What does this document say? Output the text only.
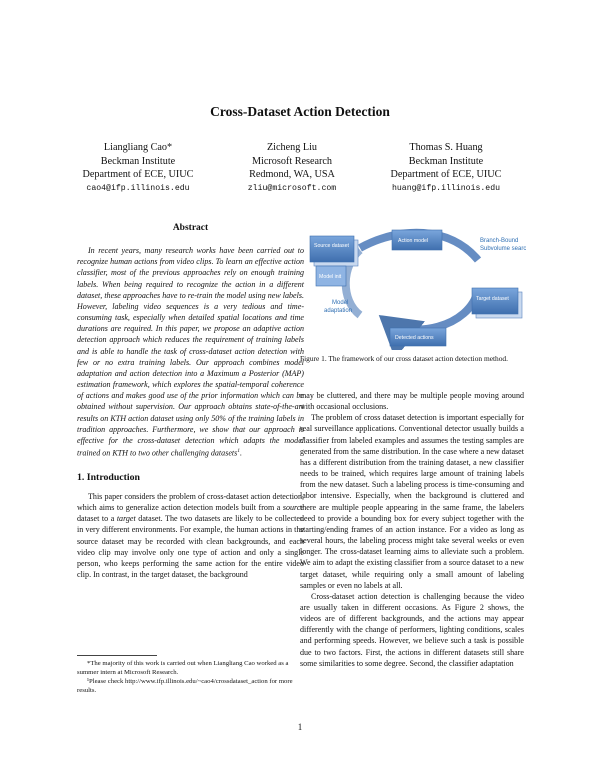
Cross-Dataset Action Detection
Liangliang Cao*
Beckman Institute
Department of ECE, UIUC
cao4@ifp.illinois.edu
Zicheng Liu
Microsoft Research
Redmond, WA, USA
zliu@microsoft.com
Thomas S. Huang
Beckman Institute
Department of ECE, UIUC
huang@ifp.illinois.edu
Abstract

In recent years, many research works have been carried out to recognize human actions from video clips. To learn an effective action classifier, most of the previous approaches rely on enough training labels. When being required to recognize the action in a different dataset, these approaches have to re-train the model using new labels. However, labeling video sequences is a very tedious and time-consuming task, especially when detailed spatial locations and time durations are required. In this paper, we propose an adaptive action detection approach which reduces the requirement of training labels and is able to handle the task of cross-dataset action detection with few or no extra training labels. Our approach combines model adaptation and action detection into a Maximum a Posterior (MAP) estimation framework, which explores the spatial-temporal coherence of actions and makes good use of the prior information which can be obtained without supervision. Our approach obtains state-of-the-art results on KTH action dataset using only 50% of the training labels in tradition approaches. Furthermore, we show that our approach is effective for the cross-dataset detection which adapts the model trained on KTH to two other challenging datasets$^1$.

1. Introduction

This paper considers the problem of cross-dataset action detection, which aims to generalize action detection models built from a source dataset to a target dataset. The two datasets are likely to be collected in very different environments. For example, the human actions in the source dataset may be recorded with clean backgrounds, and each video clip may involve only one type of action and only a single person, who keeps performing the same action for the entire video clip. In contrast, in the target dataset, the background

*The majority of this work is carried out when Liangliang Cao worked as a summer intern at Microsoft Research.

¹Please check http://www.ifp.illinois.edu/~cao4/crossdataset_action for more results.

Source dataset
Action model
Model init
Target dataset
Detected actions
Branch-Bound
Subvolume search
Model
adaptation
Figure 1. The framework of our cross dataset action detection method.

may be cluttered, and there may be multiple people moving around with occasional occlusions.

The problem of cross dataset detection is important especially for real surveillance applications. Conventional detector usually builds a classifier from labeled examples and assumes the testing samples are generated from the same distribution. In the case where a new dataset has a different distribution from the training dataset, a new classifier needs to be trained, which requires large amount of training labels from the new dataset. Such a labeling process is time-consuming and labor intensive. Especially, when the background is cluttered and there are multiple people appearing in the same frame, the labelers need to provide a bounding box for every subject together with the starting/ending frames of an action instance. For a video as long as several hours, the labeling process might take several weeks or even longer. The cross-dataset learning aims to alleviate such a problem. We aim to adapt the existing classifier from a source dataset to a new target dataset, while requiring only a small amount of labeling samples or even no labels at all.

Cross-dataset action detection is challenging because the video are usually taken in different occasions. As Figure 2 shows, the videos are of different backgrounds, and the actions may appear differently with the change of performers, lighting conditions, scales and performing speeds. However, we believe such a task is possible due to two factors. First, the actions in different datasets still share some similarities to some degree. Second, the classifier adaptation

1
